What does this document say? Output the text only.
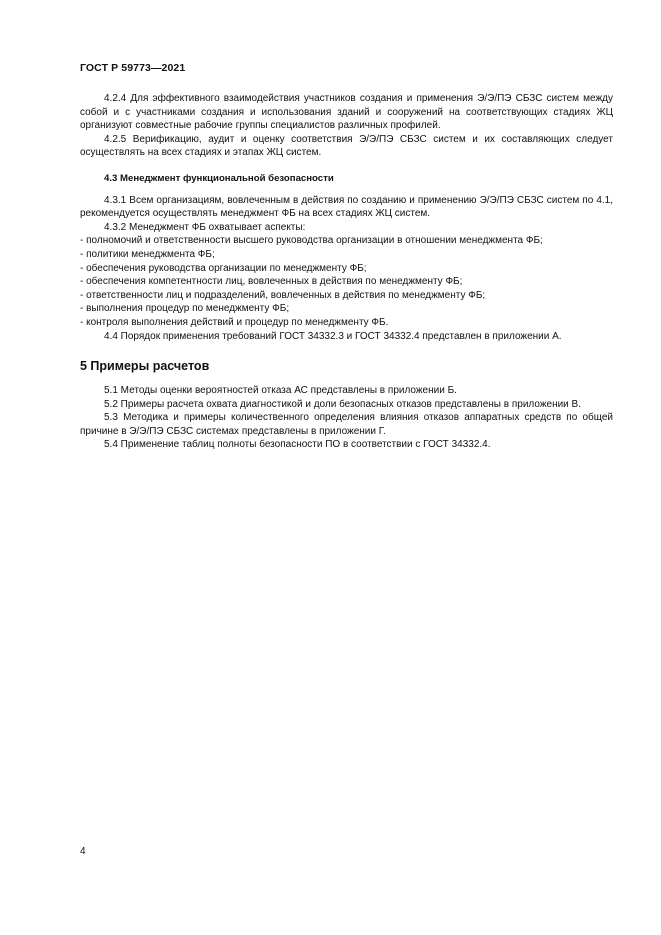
ГОСТ Р 59773—2021

4.2.4 Для эффективного взаимодействия участников создания и применения Э/Э/ПЭ СБЗС систем между собой и с участниками создания и использования зданий и сооружений на соответствующих стадиях ЖЦ организуют совместные рабочие группы специалистов различных профилей.

4.2.5 Верификацию, аудит и оценку соответствия Э/Э/ПЭ СБЗС систем и их составляющих следует осуществлять на всех стадиях и этапах ЖЦ систем.

4.3 Менеджмент функциональной безопасности

4.3.1 Всем организациям, вовлеченным в действия по созданию и применению Э/Э/ПЭ СБЗС систем по 4.1, рекомендуется осуществлять менеджмент ФБ на всех стадиях ЖЦ систем.

4.3.2 Менеджмент ФБ охватывает аспекты:

- полномочий и ответственности высшего руководства организации в отношении менеджмента ФБ;

- политики менеджмента ФБ;

- обеспечения руководства организации по менеджменту ФБ;

- обеспечения компетентности лиц, вовлеченных в действия по менеджменту ФБ;

- ответственности лиц и подразделений, вовлеченных в действия по менеджменту ФБ;

- выполнения процедур по менеджменту ФБ;

- контроля выполнения действий и процедур по менеджменту ФБ.

4.4 Порядок применения требований ГОСТ 34332.3 и ГОСТ 34332.4 представлен в приложении А.

5 Примеры расчетов

5.1 Методы оценки вероятностей отказа АС представлены в приложении Б.

5.2 Примеры расчета охвата диагностикой и доли безопасных отказов представлены в приложении В.

5.3 Методика и примеры количественного определения влияния отказов аппаратных средств по общей причине в Э/Э/ПЭ СБЗС системах представлены в приложении Г.

5.4 Применение таблиц полноты безопасности ПО в соответствии с ГОСТ 34332.4.

4
